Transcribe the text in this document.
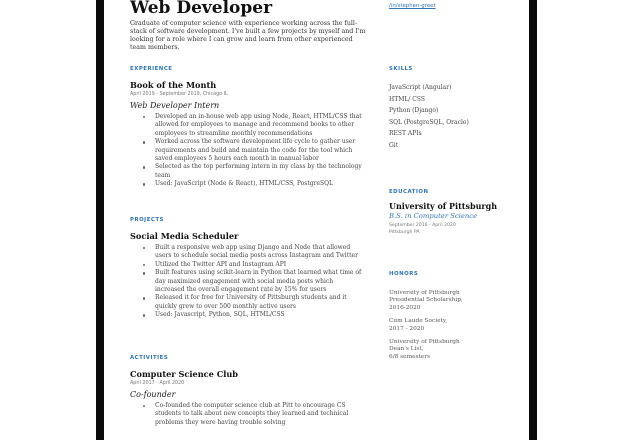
Web Developer

Graduate of computer science with experience working across the full-stack of software development. I've built a few projects by myself and I'm looking for a role where I can grow and learn from other experienced team members.

EXPERIENCE

Book of the Month

April 2019 - September 2019, Chicago IL

Web Developer Intern

Developed an in-house web app using Node, React, HTML/CSS that allowed for employees to manage and recommend books to other employees to streamline monthly recommendations
Worked across the software development life cycle to gather user requirements and build and maintain the code for the tool which saved employees 5 hours each month in manual labor
Selected as the top performing intern in my class by the technology team
Used: JavaScript (Node & React), HTML/CSS, PostgreSQL

PROJECTS

Social Media Scheduler

Built a responsive web app using Django and Node that allowed users to schedule social media posts across Instagram and Twitter
Utilized the Twitter API and Instagram API
Built features using scikit-learn in Python that learned what time of day maximized engagement with social media posts which increased the overall engagement rate by 15% for users
Released it for free for University of Pittsburgh students and it quickly grew to over 500 monthly active users
Used: Javascript, Python, SQL, HTML/CSS

ACTIVITIES

Computer Science Club

April 2017 - April 2020

Co-founder

Co-founded the computer science club at Pitt to encourage CS students to talk about new concepts they learned and technical problems they were having trouble solving
/in/stephen-greet

SKILLS

JavaScript (Angular)

HTML/ CSS

Python (Django)

SQL (PostgreSQL, Oracle)

REST APIs

Git

EDUCATION

University of Pittsburgh

B.S. in Computer Science

September 2016 - April 2020

Pittsburgh PA

HONORS

University of Pittsburgh
Presidential Scholarship,
2016-2020
Cum Laude Society,
2017 - 2020
University of Pittsburgh
Dean's List,
6/8 semesters
